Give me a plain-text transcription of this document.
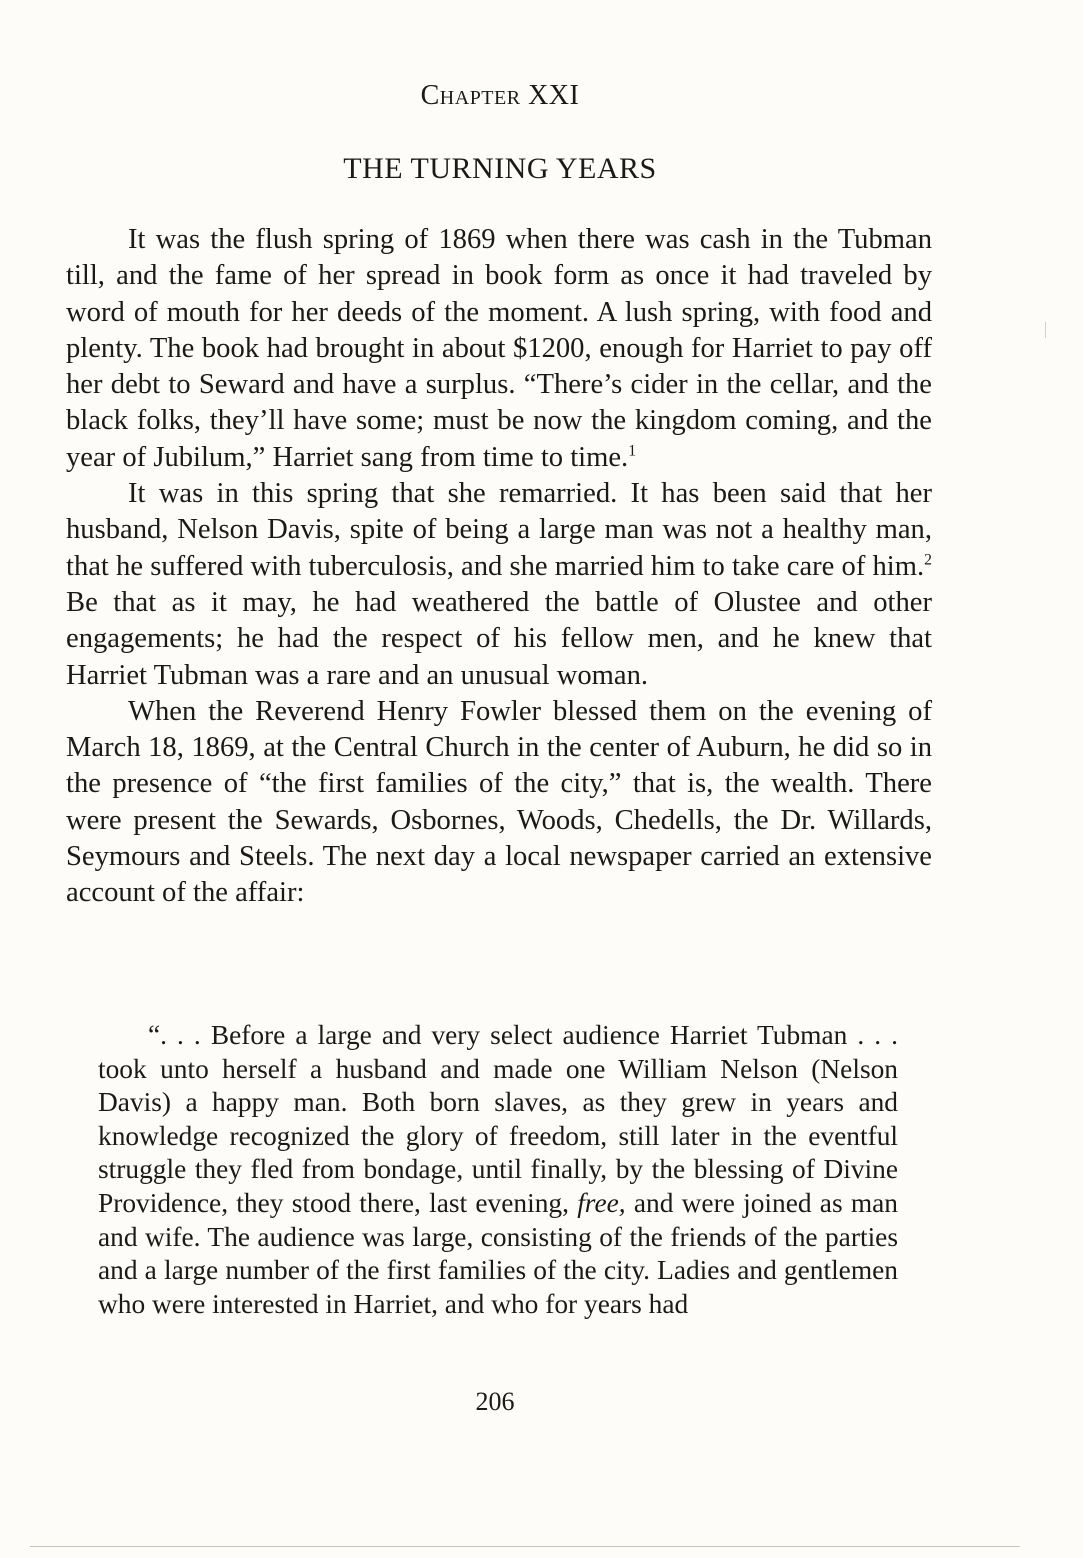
Chapter XXI
THE TURNING YEARS

It was the flush spring of 1869 when there was cash in the Tubman till, and the fame of her spread in book form as once it had traveled by word of mouth for her deeds of the moment. A lush spring, with food and plenty. The book had brought in about $1200, enough for Harriet to pay off her debt to Seward and have a surplus. “There’s cider in the cellar, and the black folks, they’ll have some; must be now the kingdom coming, and the year of Jubilum,” Harriet sang from time to time.$^1$

It was in this spring that she remarried. It has been said that her husband, Nelson Davis, spite of being a large man was not a healthy man, that he suffered with tuberculosis, and she married him to take care of him.$^2$ Be that as it may, he had weathered the battle of Olustee and other engagements; he had the respect of his fellow men, and he knew that Harriet Tubman was a rare and an unusual woman.

When the Reverend Henry Fowler blessed them on the evening of March 18, 1869, at the Central Church in the center of Auburn, he did so in the presence of “the first families of the city,” that is, the wealth. There were present the Sewards, Osbornes, Woods, Chedells, the Dr. Willards, Seymours and Steels. The next day a local newspaper carried an extensive account of the affair:

“. . . Before a large and very select audience Harriet Tubman . . . took unto herself a husband and made one William Nelson (Nelson Davis) a happy man. Both born slaves, as they grew in years and knowledge recognized the glory of freedom, still later in the eventful struggle they fled from bondage, until finally, by the blessing of Divine Providence, they stood there, last evening, free, and were joined as man and wife. The audience was large, consisting of the friends of the parties and a large number of the first families of the city. Ladies and gentlemen who were interested in Harriet, and who for years had

206
